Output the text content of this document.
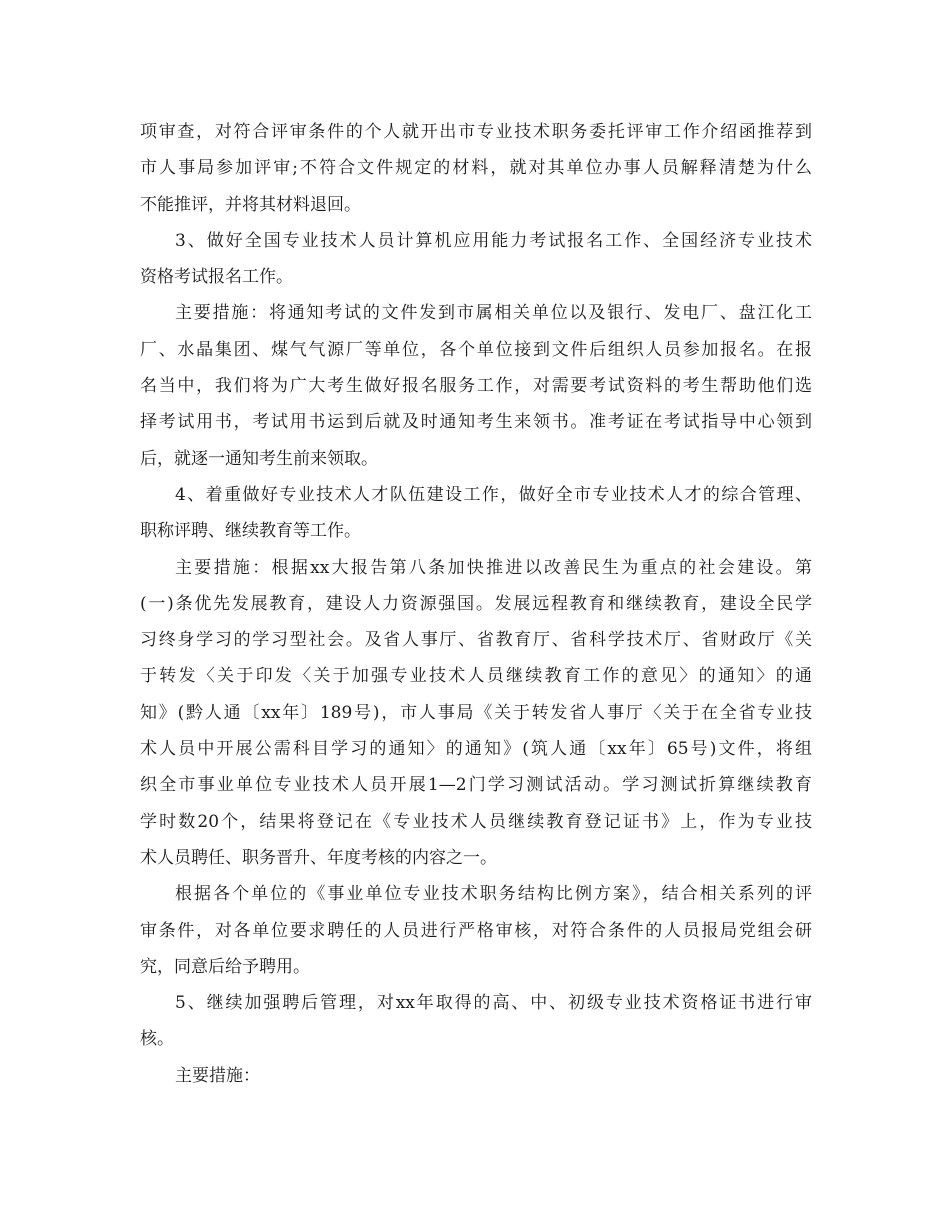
项审查，对符合评审条件的个人就开出市专业技术职务委托评审工作介绍函推荐到
市人事局参加评审;不符合文件规定的材料，就对其单位办事人员解释清楚为什么
不能推评，并将其材料退回。
3、做好全国专业技术人员计算机应用能力考试报名工作、全国经济专业技术
资格考试报名工作。
主要措施：将通知考试的文件发到市属相关单位以及银行、发电厂、盘江化工
厂、水晶集团、煤气气源厂等单位，各个单位接到文件后组织人员参加报名。在报
名当中，我们将为广大考生做好报名服务工作，对需要考试资料的考生帮助他们选
择考试用书，考试用书运到后就及时通知考生来领书。准考证在考试指导中心领到
后，就逐一通知考生前来领取。
4、着重做好专业技术人才队伍建设工作，做好全市专业技术人才的综合管理、
职称评聘、继续教育等工作。
主要措施：根据xx大报告第八条加快推进以改善民生为重点的社会建设。第
(一)条优先发展教育，建设人力资源强国。发展远程教育和继续教育，建设全民学
习终身学习的学习型社会。及省人事厅、省教育厅、省科学技术厅、省财政厅《关
于转发〈关于印发〈关于加强专业技术人员继续教育工作的意见〉的通知〉的通
知》(黔人通〔xx年〕189号)，市人事局《关于转发省人事厅〈关于在全省专业技
术人员中开展公需科目学习的通知〉的通知》(筑人通〔xx年〕65号)文件，将组
织全市事业单位专业技术人员开展1—2门学习测试活动。学习测试折算继续教育
学时数20个，结果将登记在《专业技术人员继续教育登记证书》上，作为专业技
术人员聘任、职务晋升、年度考核的内容之一。
根据各个单位的《事业单位专业技术职务结构比例方案》，结合相关系列的评
审条件，对各单位要求聘任的人员进行严格审核，对符合条件的人员报局党组会研
究，同意后给予聘用。
5、继续加强聘后管理，对xx年取得的高、中、初级专业技术资格证书进行审
核。
主要措施：
